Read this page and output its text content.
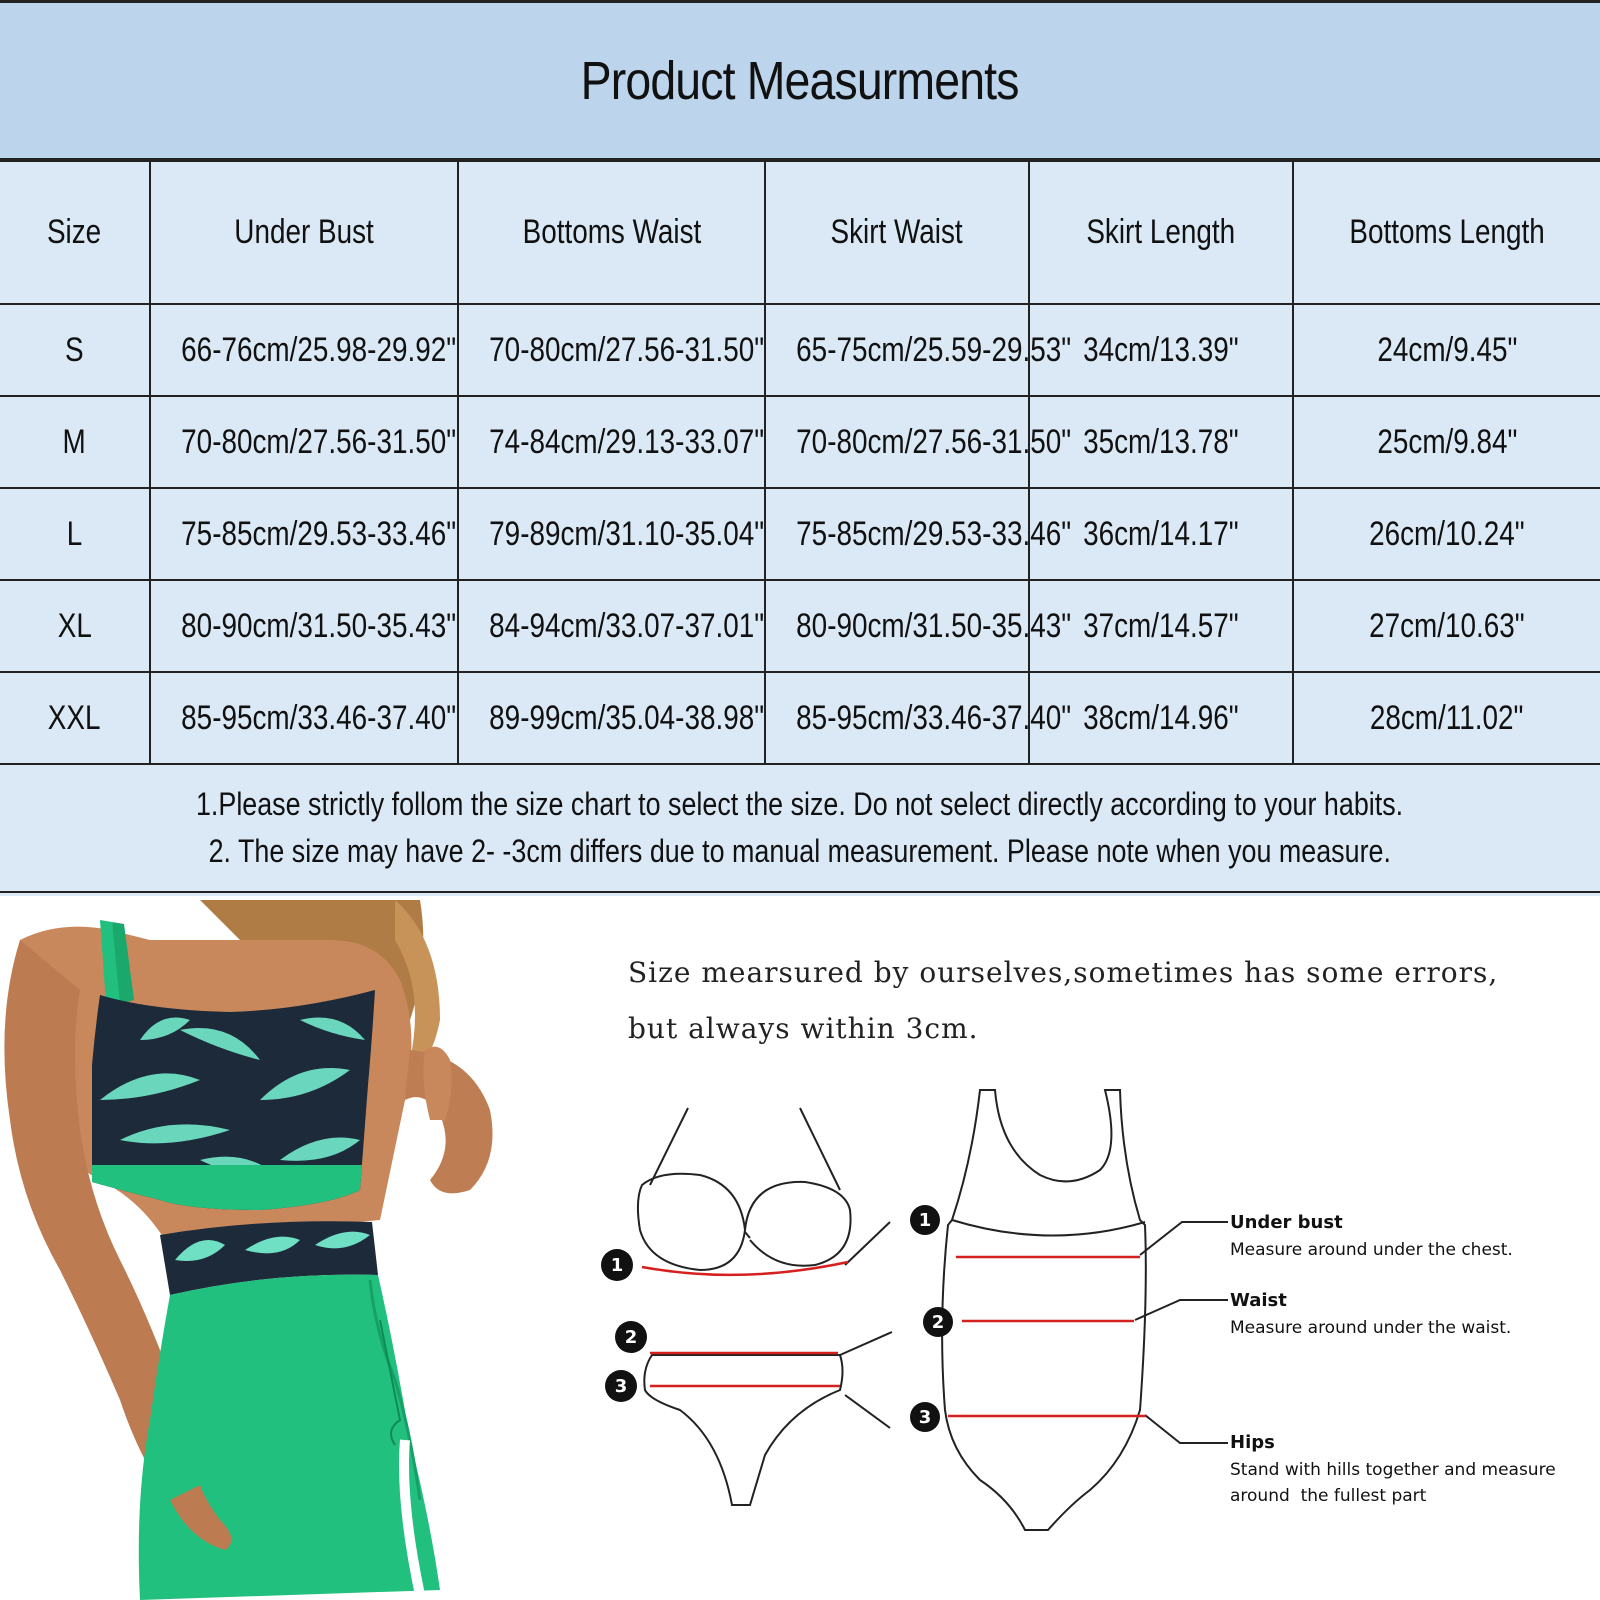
Product Measurments
Size	Under Bust	Bottoms Waist	Skirt Waist	Skirt Length	Bottoms Length
S	66-76cm/25.98-29.92"	70-80cm/27.56-31.50"	65-75cm/25.59-29.53"	34cm/13.39"	24cm/9.45"
M	70-80cm/27.56-31.50"	74-84cm/29.13-33.07"	70-80cm/27.56-31.50"	35cm/13.78"	25cm/9.84"
L	75-85cm/29.53-33.46"	79-89cm/31.10-35.04"	75-85cm/29.53-33.46"	36cm/14.17"	26cm/10.24"
XL	80-90cm/31.50-35.43"	84-94cm/33.07-37.01"	80-90cm/31.50-35.43"	37cm/14.57"	27cm/10.63"
XXL	85-95cm/33.46-37.40"	89-99cm/35.04-38.98"	85-95cm/33.46-37.40"	38cm/14.96"	28cm/11.02"
1.Please strictly follom the size chart to select the size. Do not select directly according to your habits.
2. The size may have 2- -3cm differs due to manual measurement. Please note when you measure.
Size mearsured by ourselves,sometimes has some errors,
but always within 3cm.
1
2
3
1
2
3
Under bust
Measure around under the chest.
Waist
Measure around under the waist.
Hips
Stand with hills together and measure
around  the fullest part
